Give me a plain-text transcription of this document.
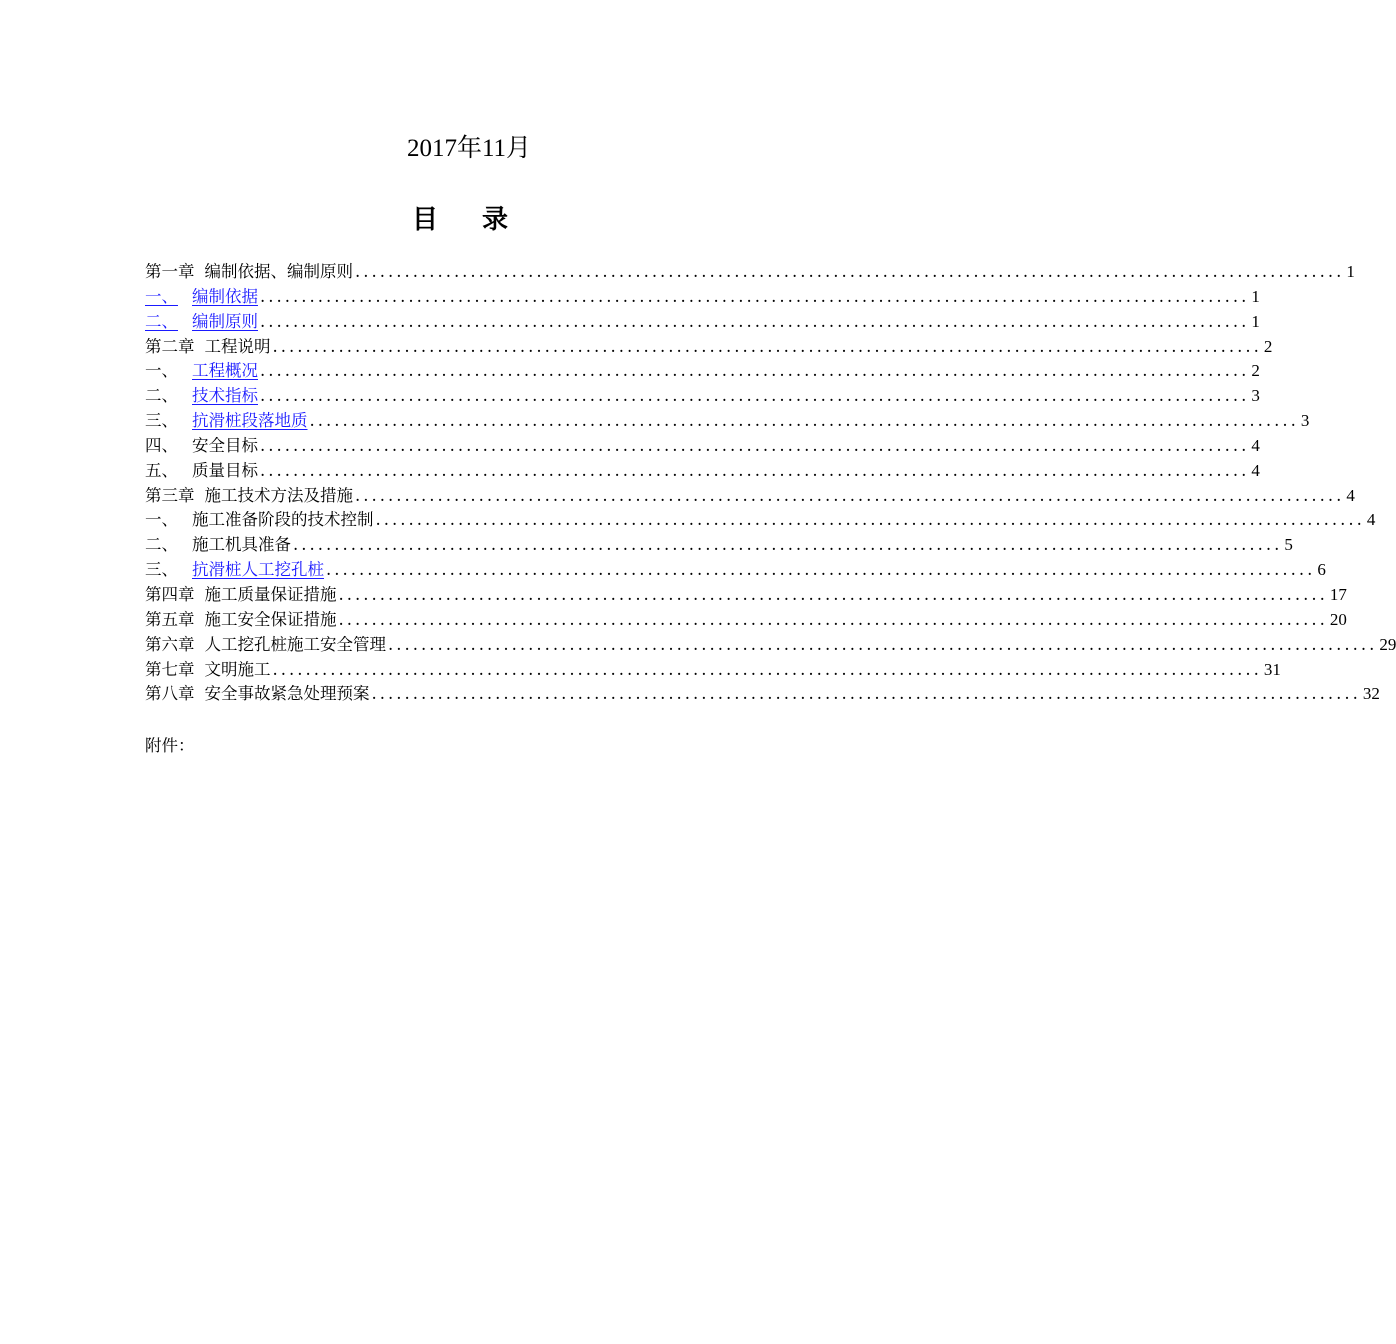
2017年11月
目录
第一章 编制依据、编制原则 ........................................................................................................................ 1
一、 编制依据 ........................................................................................................................ 1
二、 编制原则 ........................................................................................................................ 1
第二章 工程说明 ........................................................................................................................ 2
一、 工程概况 ........................................................................................................................ 2
二、 技术指标 ........................................................................................................................ 3
三、 抗滑桩段落地质 ........................................................................................................................ 3
四、 安全目标 ........................................................................................................................ 4
五、 质量目标 ........................................................................................................................ 4
第三章 施工技术方法及措施 ........................................................................................................................ 4
一、 施工准备阶段的技术控制 ........................................................................................................................ 4
二、 施工机具准备 ........................................................................................................................ 5
三、 抗滑桩人工挖孔桩 ........................................................................................................................ 6
第四章 施工质量保证措施 ........................................................................................................................ 17
第五章 施工安全保证措施 ........................................................................................................................ 20
第六章 人工挖孔桩施工安全管理 ........................................................................................................................ 29
第七章 文明施工 ........................................................................................................................ 31
第八章 安全事故紧急处理预案 ........................................................................................................................ 32
附件：
